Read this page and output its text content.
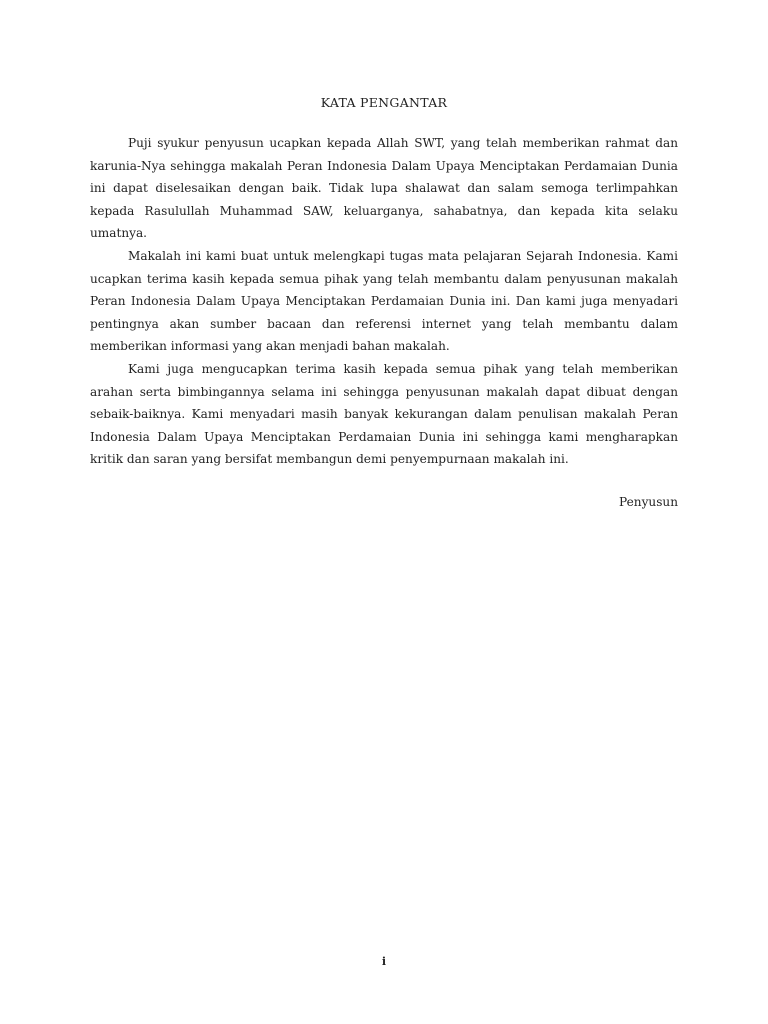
KATA PENGANTAR

Puji syukur penyusun ucapkan kepada Allah SWT, yang telah memberikan rahmat dan karunia-Nya sehingga makalah Peran Indonesia Dalam Upaya Menciptakan Perdamaian Dunia ini dapat diselesaikan dengan baik. Tidak lupa shalawat dan salam semoga terlimpahkan kepada Rasulullah Muhammad SAW, keluarganya, sahabatnya, dan kepada kita selaku umatnya.

Makalah ini kami buat untuk melengkapi tugas mata pelajaran Sejarah Indonesia. Kami ucapkan terima kasih kepada semua pihak yang telah membantu dalam penyusunan makalah Peran Indonesia Dalam Upaya Menciptakan Perdamaian Dunia ini. Dan kami juga menyadari pentingnya akan sumber bacaan dan referensi internet yang telah membantu dalam memberikan informasi yang akan menjadi bahan makalah.

Kami juga mengucapkan terima kasih kepada semua pihak yang telah memberikan arahan serta bimbingannya selama ini sehingga penyusunan makalah dapat dibuat dengan sebaik-baiknya. Kami menyadari masih banyak kekurangan dalam penulisan makalah Peran Indonesia Dalam Upaya Menciptakan Perdamaian Dunia ini sehingga kami mengharapkan kritik dan saran yang bersifat membangun demi penyempurnaan makalah ini.

Penyusun

i
